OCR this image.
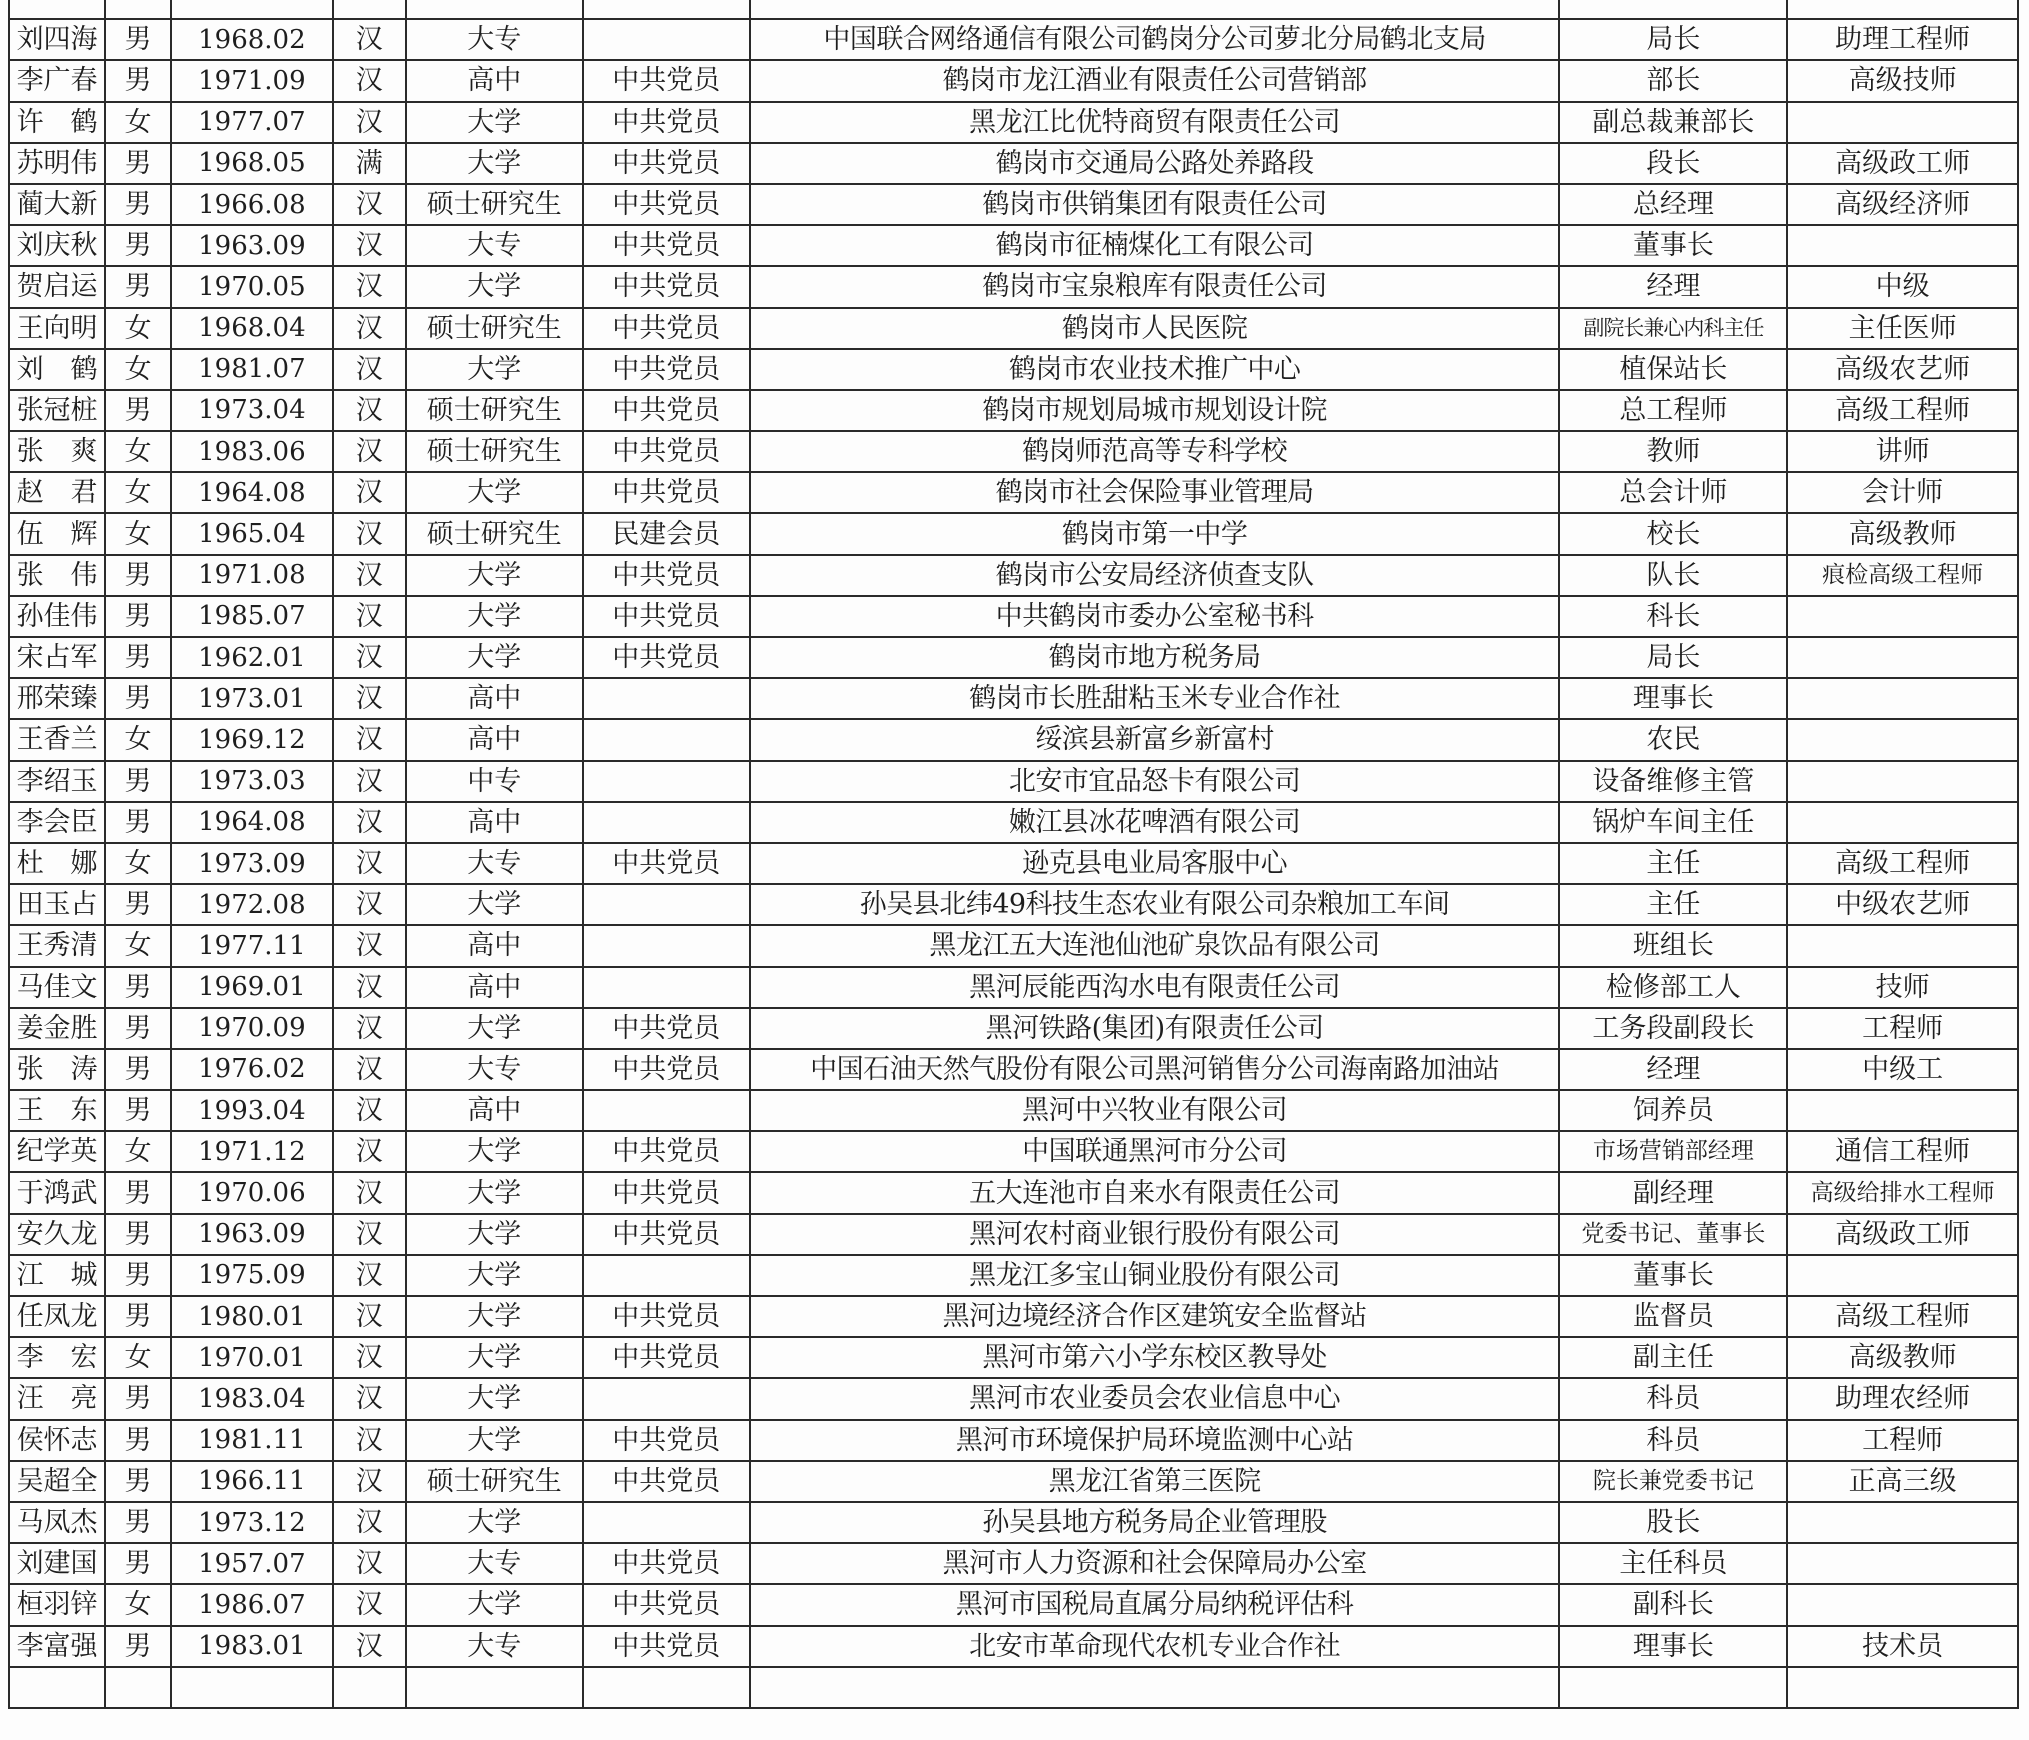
刘四海	男	1968.02	汉	大专		中国联合网络通信有限公司鹤岗分公司萝北分局鹤北支局	局长	助理工程师
李广春	男	1971.09	汉	高中	中共党员	鹤岗市龙江酒业有限责任公司营销部	部长	高级技师
许　鹤	女	1977.07	汉	大学	中共党员	黑龙江比优特商贸有限责任公司	副总裁兼部长	
苏明伟	男	1968.05	满	大学	中共党员	鹤岗市交通局公路处养路段	段长	高级政工师
蔺大新	男	1966.08	汉	硕士研究生	中共党员	鹤岗市供销集团有限责任公司	总经理	高级经济师
刘庆秋	男	1963.09	汉	大专	中共党员	鹤岗市征楠煤化工有限公司	董事长	
贺启运	男	1970.05	汉	大学	中共党员	鹤岗市宝泉粮库有限责任公司	经理	中级
王向明	女	1968.04	汉	硕士研究生	中共党员	鹤岗市人民医院	副院长兼心内科主任	主任医师
刘　鹤	女	1981.07	汉	大学	中共党员	鹤岗市农业技术推广中心	植保站长	高级农艺师
张冠桩	男	1973.04	汉	硕士研究生	中共党员	鹤岗市规划局城市规划设计院	总工程师	高级工程师
张　爽	女	1983.06	汉	硕士研究生	中共党员	鹤岗师范高等专科学校	教师	讲师
赵　君	女	1964.08	汉	大学	中共党员	鹤岗市社会保险事业管理局	总会计师	会计师
伍　辉	女	1965.04	汉	硕士研究生	民建会员	鹤岗市第一中学	校长	高级教师
张　伟	男	1971.08	汉	大学	中共党员	鹤岗市公安局经济侦查支队	队长	痕检高级工程师
孙佳伟	男	1985.07	汉	大学	中共党员	中共鹤岗市委办公室秘书科	科长	
宋占军	男	1962.01	汉	大学	中共党员	鹤岗市地方税务局	局长	
邢荣臻	男	1973.01	汉	高中		鹤岗市长胜甜粘玉米专业合作社	理事长	
王香兰	女	1969.12	汉	高中		绥滨县新富乡新富村	农民	
李绍玉	男	1973.03	汉	中专		北安市宜品怒卡有限公司	设备维修主管	
李会臣	男	1964.08	汉	高中		嫩江县冰花啤酒有限公司	锅炉车间主任	
杜　娜	女	1973.09	汉	大专	中共党员	逊克县电业局客服中心	主任	高级工程师
田玉占	男	1972.08	汉	大学		孙吴县北纬49科技生态农业有限公司杂粮加工车间	主任	中级农艺师
王秀清	女	1977.11	汉	高中		黑龙江五大连池仙池矿泉饮品有限公司	班组长	
马佳文	男	1969.01	汉	高中		黑河辰能西沟水电有限责任公司	检修部工人	技师
姜金胜	男	1970.09	汉	大学	中共党员	黑河铁路(集团)有限责任公司	工务段副段长	工程师
张　涛	男	1976.02	汉	大专	中共党员	中国石油天然气股份有限公司黑河销售分公司海南路加油站	经理	中级工
王　东	男	1993.04	汉	高中		黑河中兴牧业有限公司	饲养员	
纪学英	女	1971.12	汉	大学	中共党员	中国联通黑河市分公司	市场营销部经理	通信工程师
于鸿武	男	1970.06	汉	大学	中共党员	五大连池市自来水有限责任公司	副经理	高级给排水工程师
安久龙	男	1963.09	汉	大学	中共党员	黑河农村商业银行股份有限公司	党委书记、董事长	高级政工师
江　城	男	1975.09	汉	大学		黑龙江多宝山铜业股份有限公司	董事长	
任凤龙	男	1980.01	汉	大学	中共党员	黑河边境经济合作区建筑安全监督站	监督员	高级工程师
李　宏	女	1970.01	汉	大学	中共党员	黑河市第六小学东校区教导处	副主任	高级教师
汪　亮	男	1983.04	汉	大学		黑河市农业委员会农业信息中心	科员	助理农经师
侯怀志	男	1981.11	汉	大学	中共党员	黑河市环境保护局环境监测中心站	科员	工程师
吴超全	男	1966.11	汉	硕士研究生	中共党员	黑龙江省第三医院	院长兼党委书记	正高三级
马凤杰	男	1973.12	汉	大学		孙吴县地方税务局企业管理股	股长	
刘建国	男	1957.07	汉	大专	中共党员	黑河市人力资源和社会保障局办公室	主任科员	
桓羽锌	女	1986.07	汉	大学	中共党员	黑河市国税局直属分局纳税评估科	副科长	
李富强	男	1983.01	汉	大专	中共党员	北安市革命现代农机专业合作社	理事长	技术员
